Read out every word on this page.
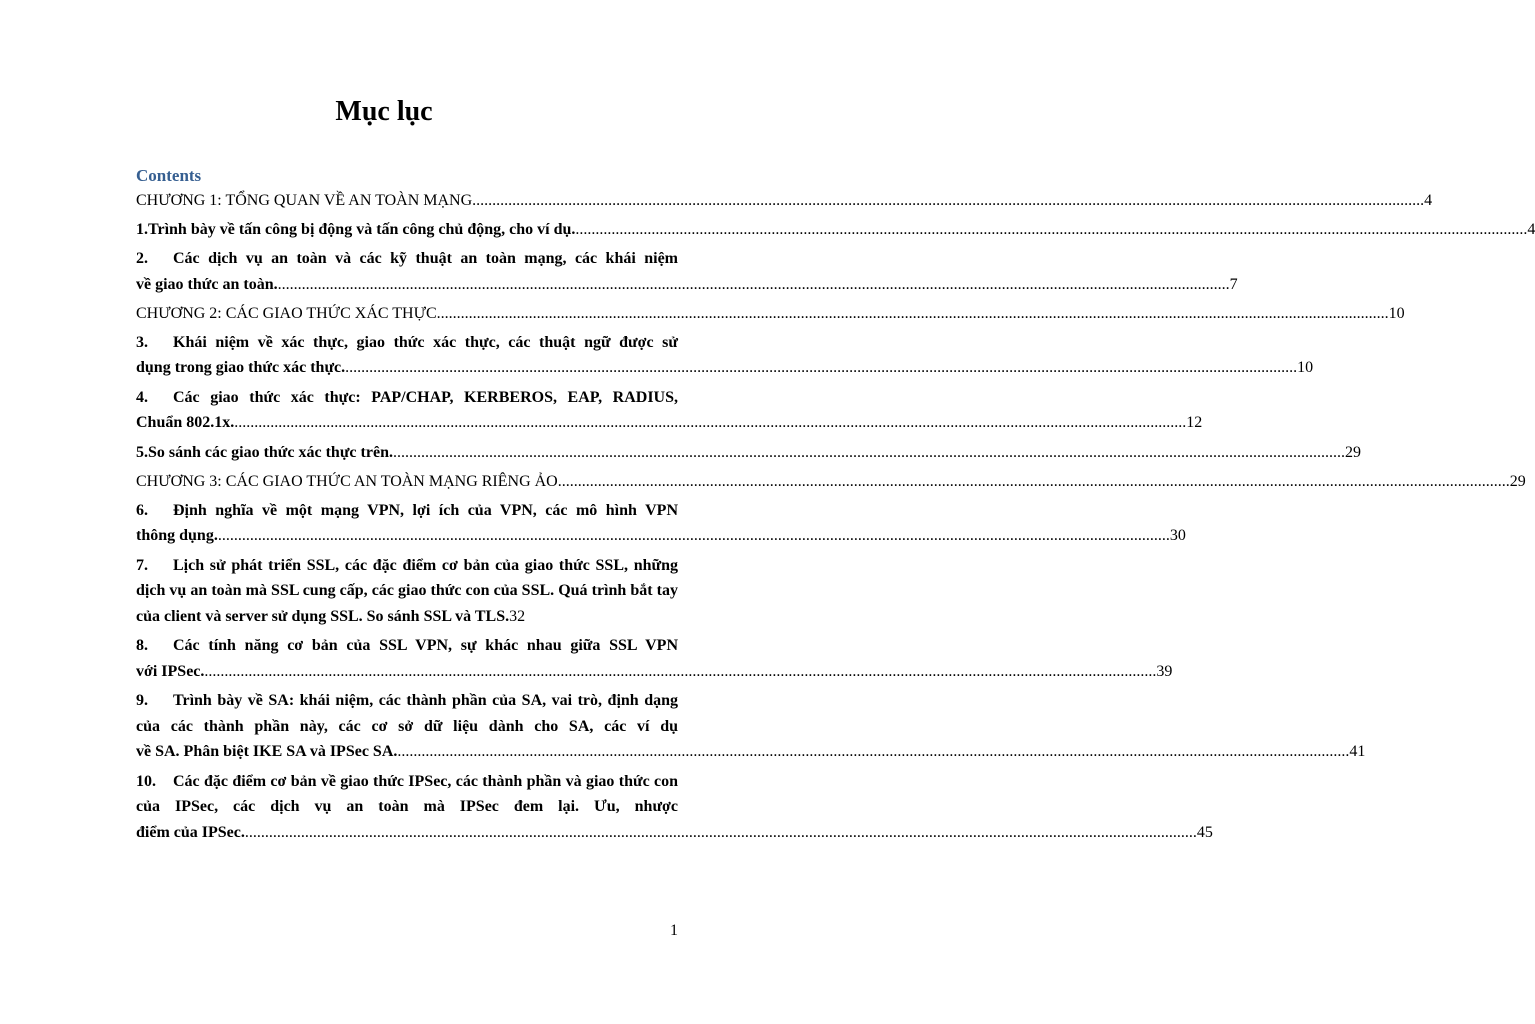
Mục lục
Contents
CHƯƠNG 1: TỔNG QUAN VỀ AN TOÀN MẠNG .............................................................................................................................................................................................................................................. 4
1. Trình bày về tấn công bị động và tấn công chủ động, cho ví dụ. .............................................................................................................................................................................................................................................. 4
2. Các dịch vụ an toàn và các kỹ thuật an toàn mạng, các khái niệm
về giao thức an toàn. .............................................................................................................................................................................................................................................. 7
CHƯƠNG 2: CÁC GIAO THỨC XÁC THỰC .............................................................................................................................................................................................................................................. 10
3. Khái niệm về xác thực, giao thức xác thực, các thuật ngữ được sử
dụng trong giao thức xác thực. .............................................................................................................................................................................................................................................. 10
4. Các giao thức xác thực: PAP/CHAP, KERBEROS, EAP, RADIUS,
Chuẩn 802.1x. .............................................................................................................................................................................................................................................. 12
5. So sánh các giao thức xác thực trên. .............................................................................................................................................................................................................................................. 29
CHƯƠNG 3: CÁC GIAO THỨC AN TOÀN MẠNG RIÊNG ẢO .............................................................................................................................................................................................................................................. 29
6. Định nghĩa về một mạng VPN, lợi ích của VPN, các mô hình VPN
thông dụng. .............................................................................................................................................................................................................................................. 30
7. Lịch sử phát triển SSL, các đặc điểm cơ bản của giao thức SSL, những dịch vụ an toàn mà SSL cung cấp, các giao thức con của SSL. Quá trình bắt tay của client và server sử dụng SSL. So sánh SSL và TLS.32
8. Các tính năng cơ bản của SSL VPN, sự khác nhau giữa SSL VPN
với IPSec. .............................................................................................................................................................................................................................................. 39
9. Trình bày về SA: khái niệm, các thành phần của SA, vai trò, định dạng của các thành phần này, các cơ sở dữ liệu dành cho SA, các ví dụ
về SA. Phân biệt IKE SA và IPSec SA. .............................................................................................................................................................................................................................................. 41
10. Các đặc điểm cơ bản về giao thức IPSec, các thành phần và giao thức con của IPSec, các dịch vụ an toàn mà IPSec đem lại. Ưu, nhược
điểm của IPSec. .............................................................................................................................................................................................................................................. 45
1
